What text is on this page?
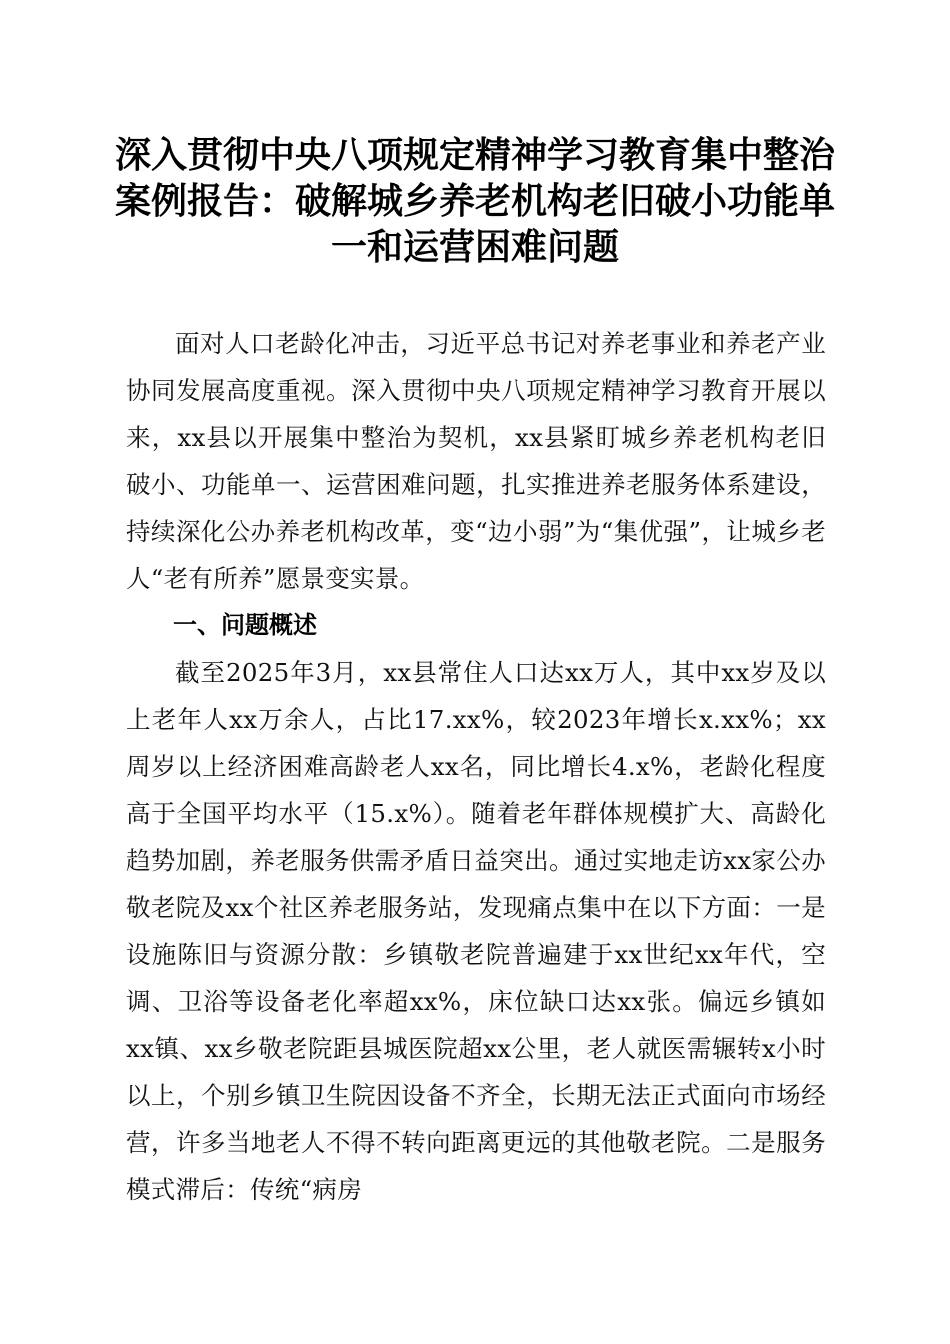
深入贯彻中央八项规定精神学习教育集中整治
案例报告：破解城乡养老机构老旧破小功能单
一和运营困难问题

面对人口老龄化冲击，习近平总书记对养老事业和养老产业协同发展高度重视。深入贯彻中央八项规定精神学习教育开展以来，xx县以开展集中整治为契机，xx县紧盯城乡养老机构老旧破小、功能单一、运营困难问题，扎实推进养老服务体系建设，持续深化公办养老机构改革，变“边小弱”为“集优强”，让城乡老人“老有所养”愿景变实景。

一、问题概述

截至2025年3月，xx县常住人口达xx万人，其中xx岁及以上老年人xx万余人，占比17.xx%，较2023年增长x.xx%；xx周岁以上经济困难高龄老人xx名，同比增长4.x%，老龄化程度高于全国平均水平（15.x%）。随着老年群体规模扩大、高龄化趋势加剧，养老服务供需矛盾日益突出。通过实地走访xx家公办敬老院及xx个社区养老服务站，发现痛点集中在以下方面：一是设施陈旧与资源分散：乡镇敬老院普遍建于xx世纪xx年代，空调、卫浴等设备老化率超xx%，床位缺口达xx张。偏远乡镇如xx镇、xx乡敬老院距县城医院超xx公里，老人就医需辗转x小时以上，个别乡镇卫生院因设备不齐全，长期无法正式面向市场经营，许多当地老人不得不转向距离更远的其他敬老院。二是服务模式滞后：传统“病房
